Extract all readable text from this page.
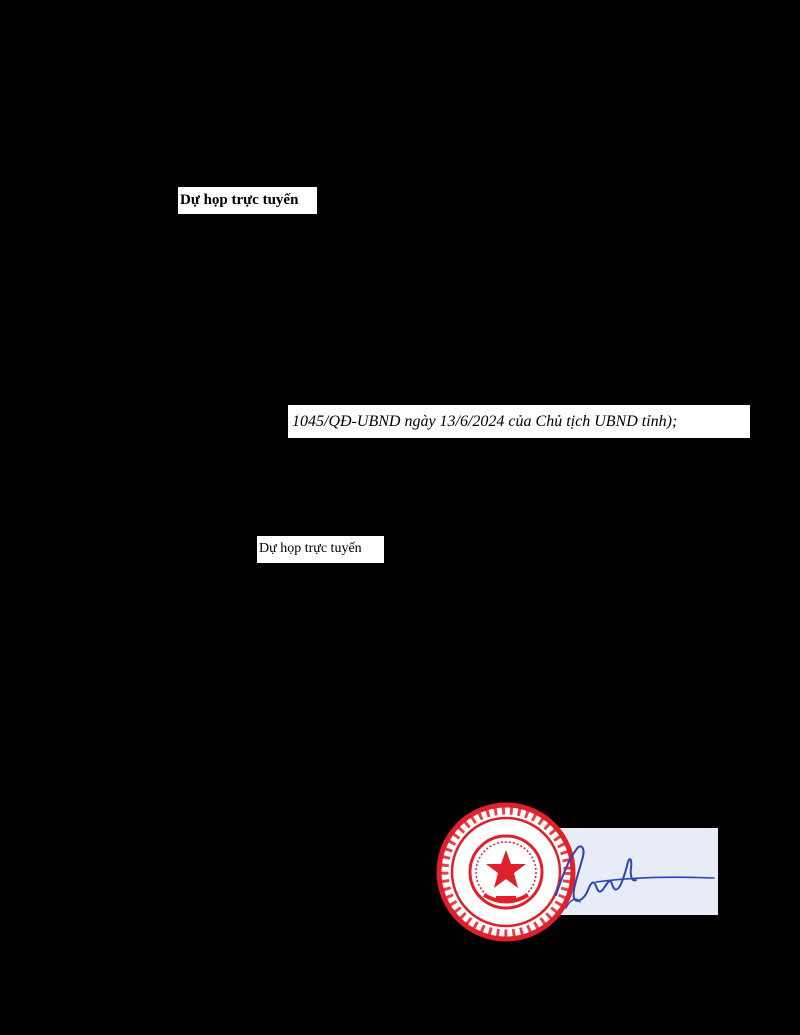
Dự họp trực tuyến
1045/QĐ-UBND ngày 13/6/2024 của Chủ tịch UBND tỉnh);
Dự họp trực tuyến
